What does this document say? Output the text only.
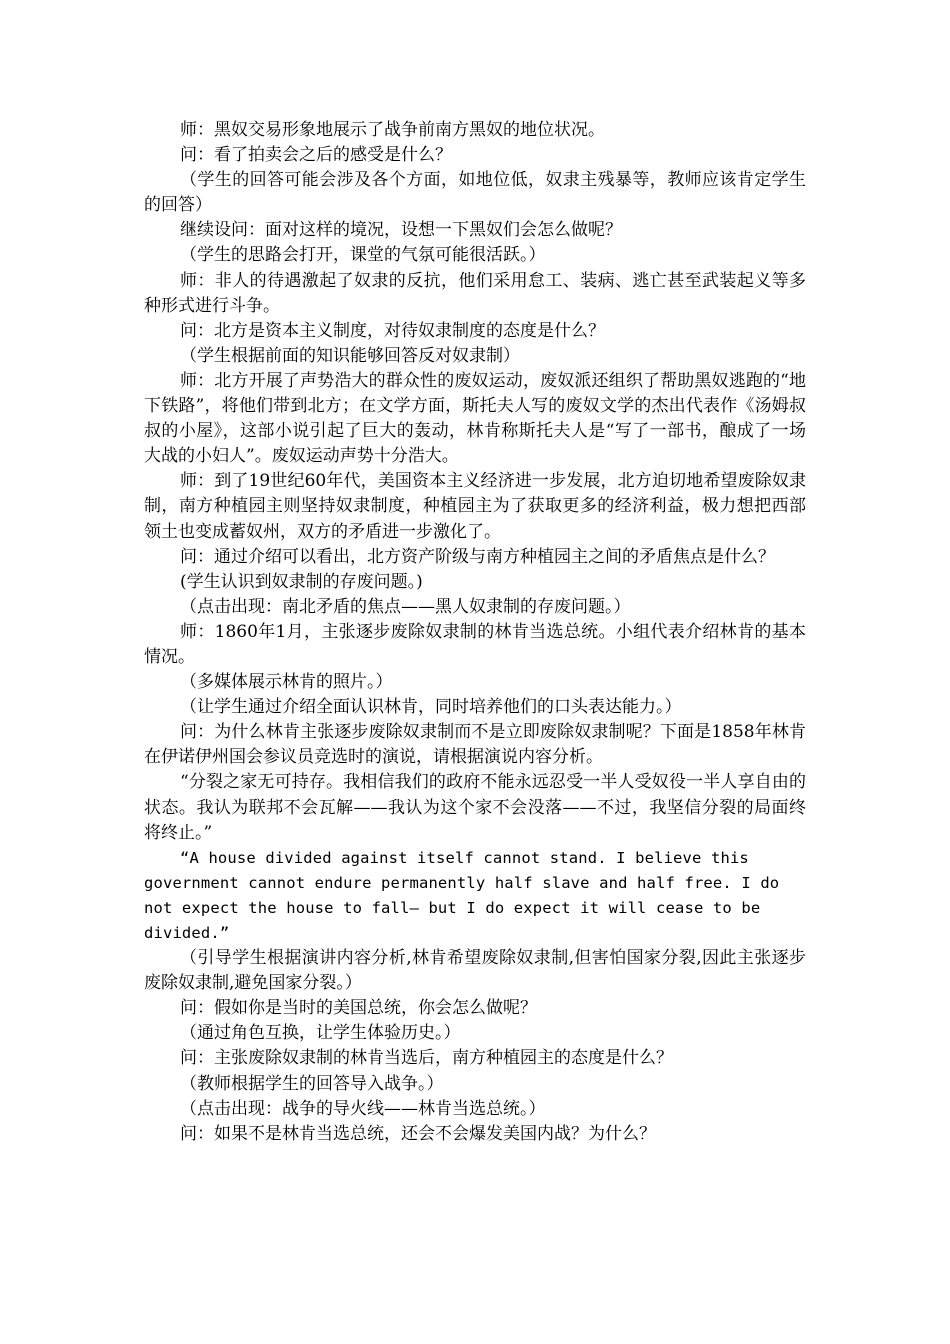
师：黑奴交易形象地展示了战争前南方黑奴的地位状况。

问：看了拍卖会之后的感受是什么？

（学生的回答可能会涉及各个方面，如地位低，奴隶主残暴等，教师应该肯定学生的回答）

继续设问：面对这样的境况，设想一下黑奴们会怎么做呢？

（学生的思路会打开，课堂的气氛可能很活跃。）

师：非人的待遇激起了奴隶的反抗，他们采用怠工、装病、逃亡甚至武装起义等多种形式进行斗争。

问：北方是资本主义制度，对待奴隶制度的态度是什么？

（学生根据前面的知识能够回答反对奴隶制）

师：北方开展了声势浩大的群众性的废奴运动，废奴派还组织了帮助黑奴逃跑的“地下铁路”，将他们带到北方；在文学方面，斯托夫人写的废奴文学的杰出代表作《汤姆叔叔的小屋》，这部小说引起了巨大的轰动，林肯称斯托夫人是“写了一部书，酿成了一场大战的小妇人”。废奴运动声势十分浩大。

师：到了19世纪60年代，美国资本主义经济进一步发展，北方迫切地希望废除奴隶制，南方种植园主则坚持奴隶制度，种植园主为了获取更多的经济利益，极力想把西部领土也变成蓄奴州，双方的矛盾进一步激化了。

问：通过介绍可以看出，北方资产阶级与南方种植园主之间的矛盾焦点是什么？

(学生认识到奴隶制的存废问题。)

（点击出现：南北矛盾的焦点——黑人奴隶制的存废问题。）

师：1860年1月，主张逐步废除奴隶制的林肯当选总统。小组代表介绍林肯的基本情况。

（多媒体展示林肯的照片。）

（让学生通过介绍全面认识林肯，同时培养他们的口头表达能力。）

问：为什么林肯主张逐步废除奴隶制而不是立即废除奴隶制呢？下面是1858年林肯在伊诺伊州国会参议员竞选时的演说，请根据演说内容分析。

“分裂之家无可持存。我相信我们的政府不能永远忍受一半人受奴役一半人享自由的状态。我认为联邦不会瓦解——我认为这个家不会没落——不过，我坚信分裂的局面终将终止。”

“A house divided against itself cannot stand. I believe this government cannot endure permanently half slave and half free. I do not expect the house to fall— but I do expect it will cease to be divided.”

（引导学生根据演讲内容分析,林肯希望废除奴隶制,但害怕国家分裂,因此主张逐步废除奴隶制,避免国家分裂。）

问：假如你是当时的美国总统，你会怎么做呢？

（通过角色互换，让学生体验历史。）

问：主张废除奴隶制的林肯当选后，南方种植园主的态度是什么？

（教师根据学生的回答导入战争。）

（点击出现：战争的导火线——林肯当选总统。）

问：如果不是林肯当选总统，还会不会爆发美国内战？为什么？
